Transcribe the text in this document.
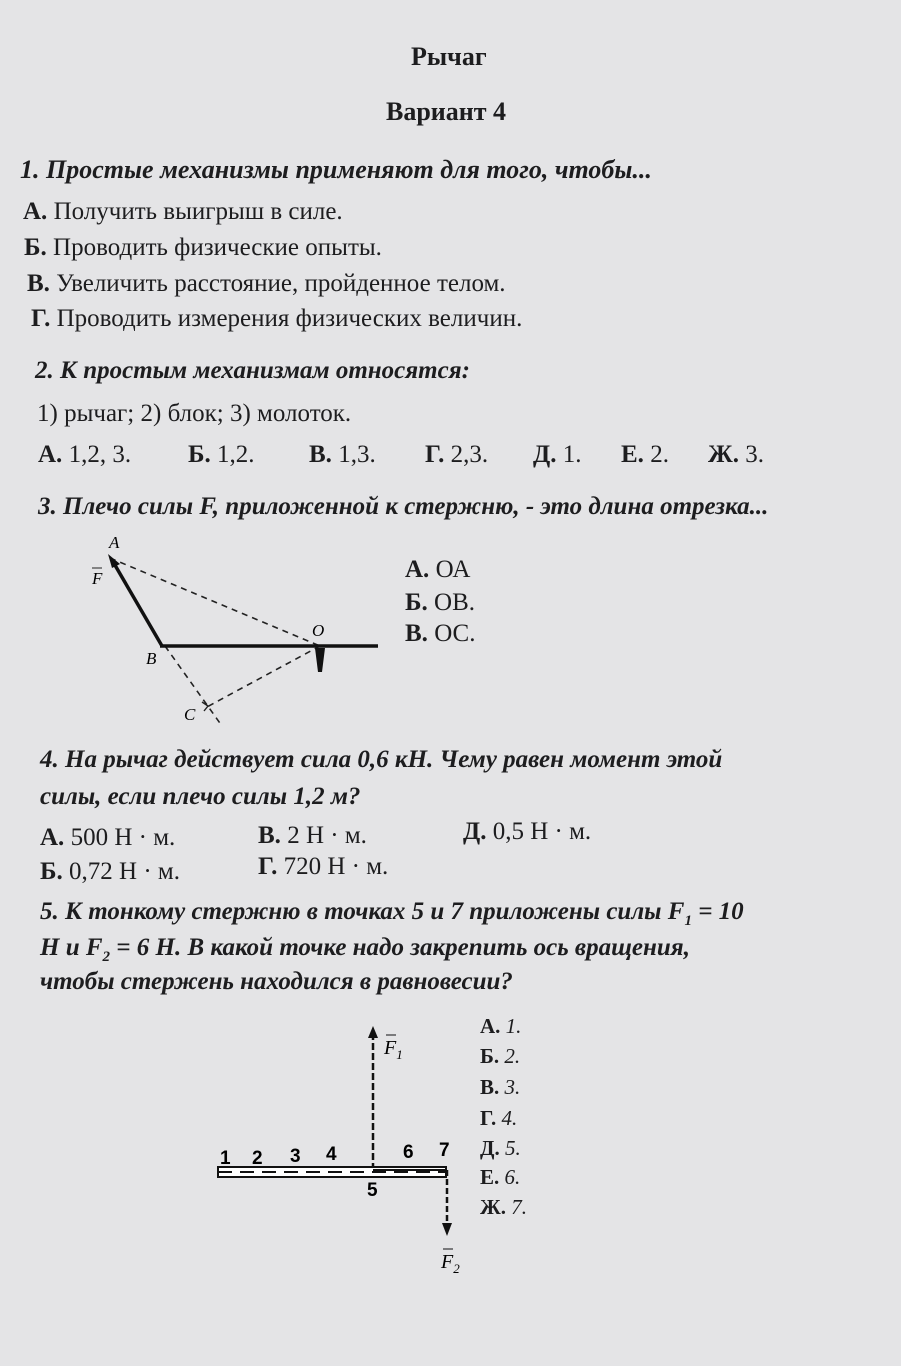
Рычаг
Вариант 4
1. Простые механизмы применяют для того, чтобы...
А. Получить выигрыш в силе.
Б. Проводить физические опыты.
В. Увеличить расстояние, пройденное телом.
Г. Проводить измерения физических величин.
2. К простым механизмам относятся:
1) рычаг; 2) блок; 3) молоток.
А. 1,2, 3. Б. 1,2. В. 1,3. Г. 2,3. Д. 1. Е. 2. Ж. 3.
3. Плечо силы F, приложенной к стержню, - это длина отрезка...
A
F
O
B
C
А. ОА
Б. ОВ.
В. ОС.
4. На рычаг действует сила 0,6 кН. Чему равен момент этой
силы, если плечо силы 1,2 м?
А. 500 Н · м.	В. 2 Н · м.	Д. 0,5 Н · м.
Б. 0,72 Н · м.	Г. 720 Н · м.
5. К тонкому стержню в точках 5 и 7 приложены силы $F_1 = 10$
Н и $F_2 = 6$ Н. В какой точке надо закрепить ось вращения,
чтобы стержень находился в равновесии?
1 2 3 4
5
6 7
$F_1$
$F_2$
А. 1.
Б. 2.
В. 3.
Г. 4.
Д. 5.
Е. 6.
Ж. 7.
